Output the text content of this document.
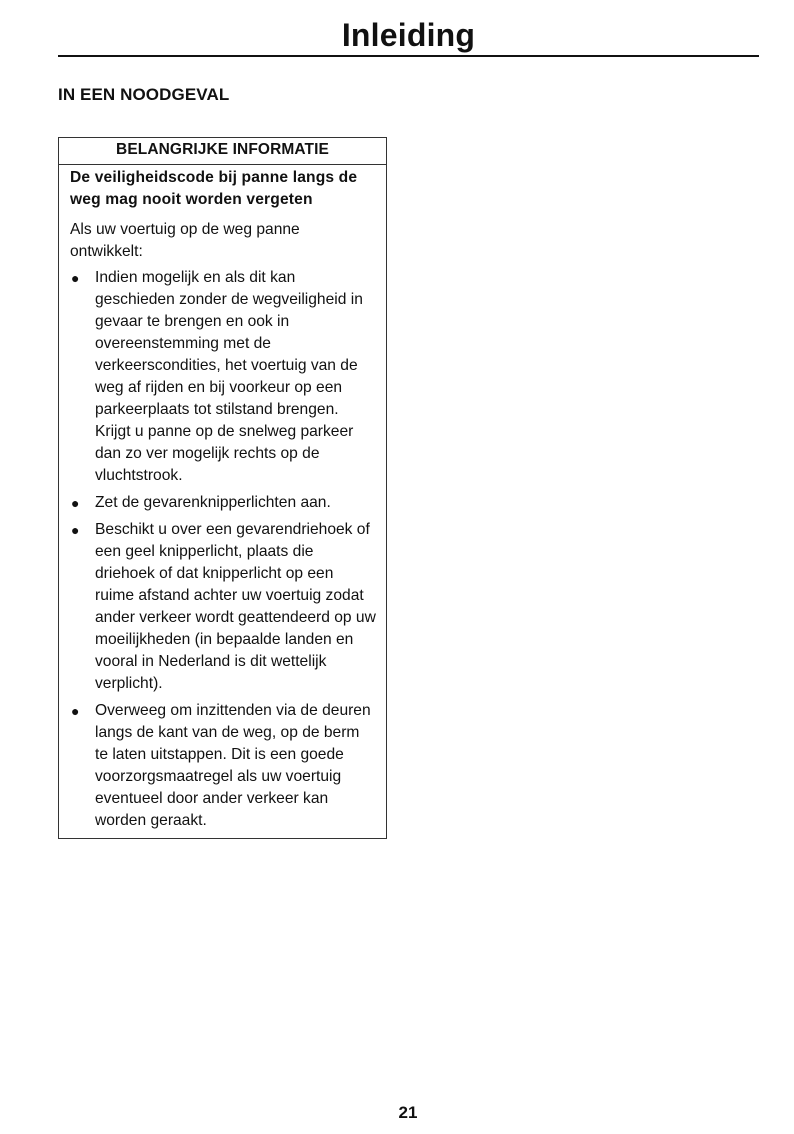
Inleiding
IN EEN NOODGEVAL
BELANGRIJKE INFORMATIE

De veiligheidscode bij panne langs de weg mag nooit worden vergeten

Als uw voertuig op de weg panne ontwikkelt:

● Indien mogelijk en als dit kan geschieden zonder de wegveiligheid in gevaar te brengen en ook in overeenstemming met de verkeerscondities, het voertuig van de weg af rijden en bij voorkeur op een parkeerplaats tot stilstand brengen. Krijgt u panne op de snelweg parkeer dan zo ver mogelijk rechts op de vluchtstrook.
● Zet de gevarenknipperlichten aan.
● Beschikt u over een gevarendriehoek of een geel knipperlicht, plaats die driehoek of dat knipperlicht op een ruime afstand achter uw voertuig zodat ander verkeer wordt geattendeerd op uw moeilijkheden (in bepaalde landen en vooral in Nederland is dit wettelijk verplicht).
● Overweeg om inzittenden via de deuren langs de kant van de weg, op de berm te laten uitstappen. Dit is een goede voorzorgsmaatregel als uw voertuig eventueel door ander verkeer kan worden geraakt.
21
